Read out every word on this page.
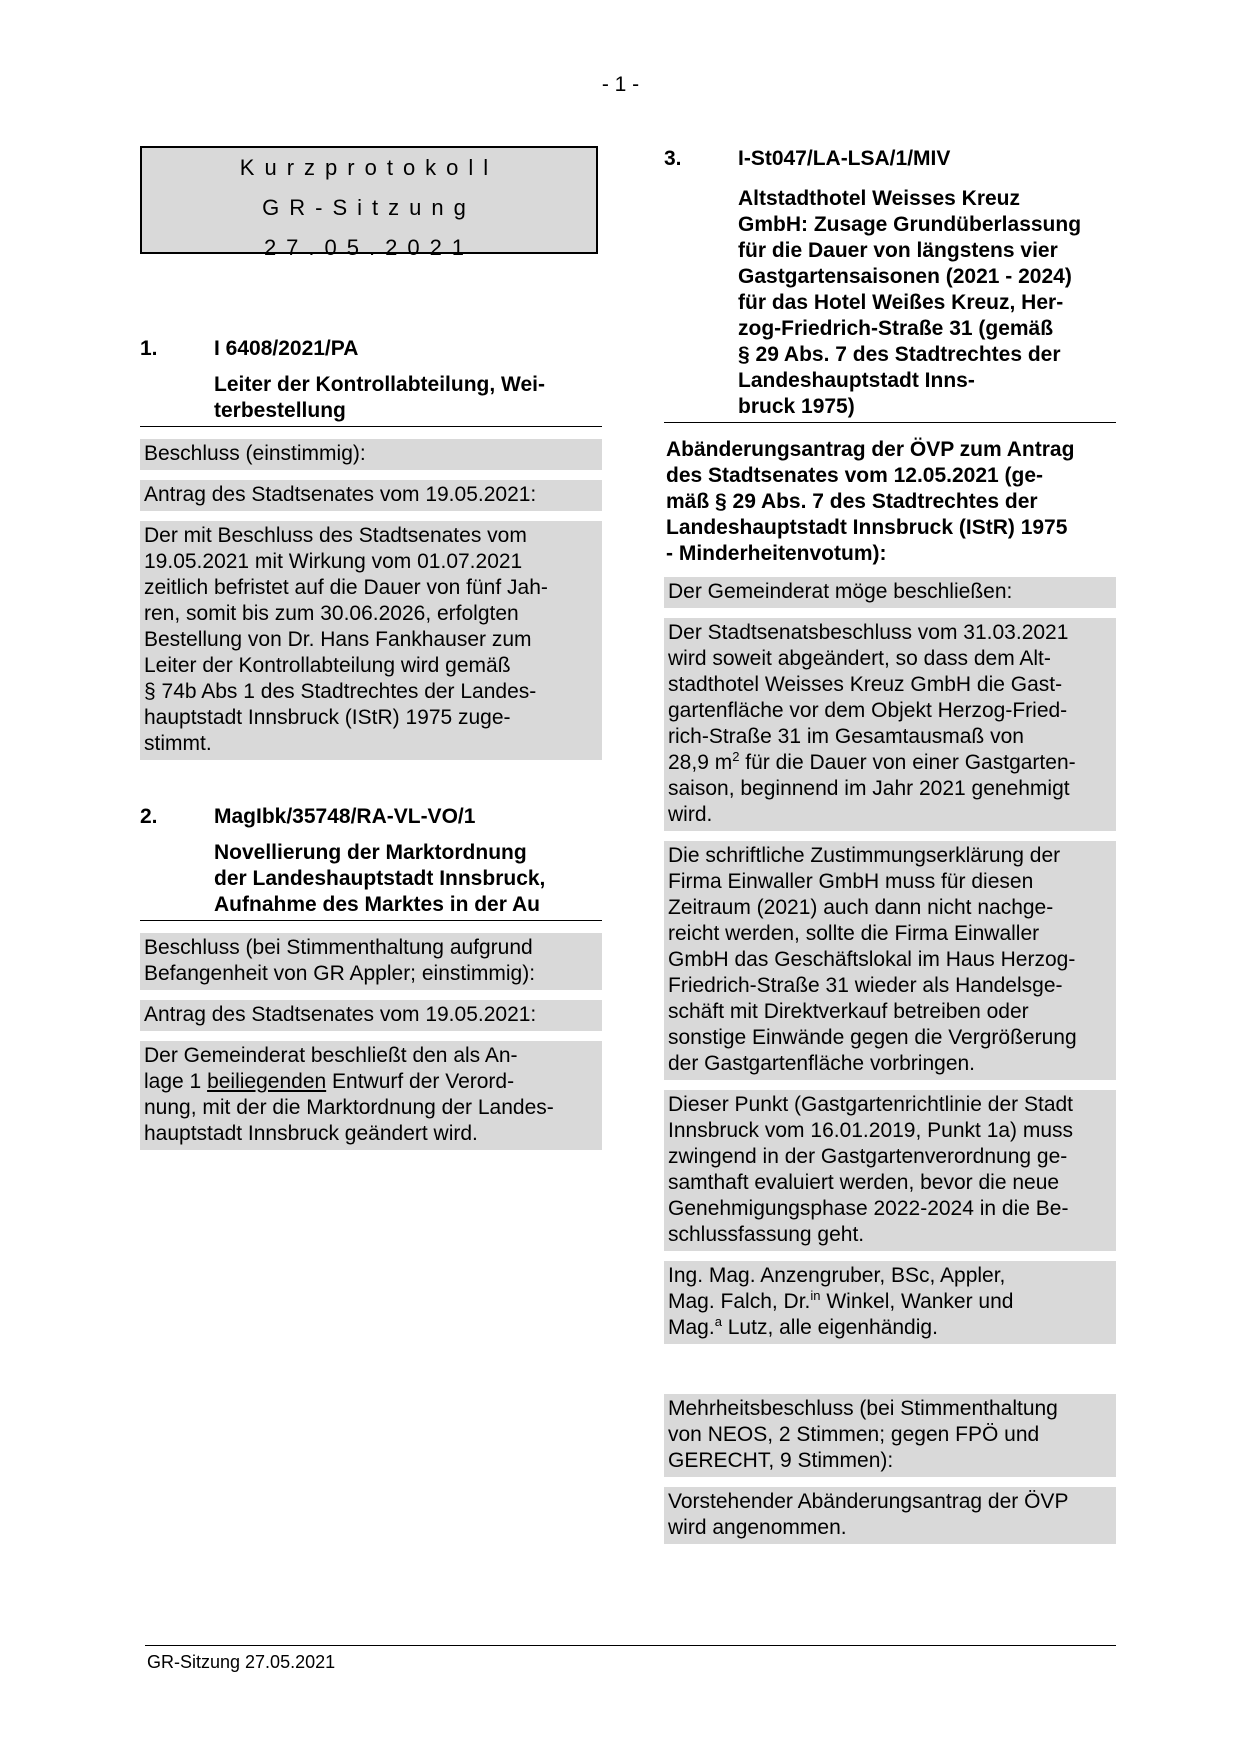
- 1 -
Kurzprotokoll
GR-Sitzung
27.05.2021
1.	I 6408/2021/PA
Leiter der Kontrollabteilung, Wei-
terbestellung

Beschluss (einstimmig):

Antrag des Stadtsenates vom 19.05.2021:

Der mit Beschluss des Stadtsenates vom

19.05.2021 mit Wirkung vom 01.07.2021

zeitlich befristet auf die Dauer von fünf Jah-

ren, somit bis zum 30.06.2026, erfolgten

Bestellung von Dr. Hans Fankhauser zum

Leiter der Kontrollabteilung wird gemäß

§ 74b Abs 1 des Stadtrechtes der Landes-

hauptstadt Innsbruck (IStR) 1975 zuge-

stimmt.

2.	MagIbk/35748/RA-VL-VO/1
Novellierung der Marktordnung
der Landeshauptstadt Innsbruck,
Aufnahme des Marktes in der Au

Beschluss (bei Stimmenthaltung aufgrund

Befangenheit von GR Appler; einstimmig):

Antrag des Stadtsenates vom 19.05.2021:

Der Gemeinderat beschließt den als An-

lage 1 beiliegenden Entwurf der Verord-

nung, mit der die Marktordnung der Landes-

hauptstadt Innsbruck geändert wird.

3.	I-St047/LA-LSA/1/MIV
Altstadthotel Weisses Kreuz
GmbH: Zusage Grundüberlassung
für die Dauer von längstens vier
Gastgartensaisonen (2021 - 2024)
für das Hotel Weißes Kreuz, Her-
zog-Friedrich-Straße 31 (gemäß
§ 29 Abs. 7 des Stadtrechtes der
Landeshauptstadt Inns-
bruck 1975)
Abänderungsantrag der ÖVP zum Antrag
des Stadtsenates vom 12.05.2021 (ge-
mäß § 29 Abs. 7 des Stadtrechtes der
Landeshauptstadt Innsbruck (IStR) 1975
- Minderheitenvotum):

Der Gemeinderat möge beschließen:

Der Stadtsenatsbeschluss vom 31.03.2021

wird soweit abgeändert, so dass dem Alt-

stadthotel Weisses Kreuz GmbH die Gast-

gartenfläche vor dem Objekt Herzog-Fried-

rich-Straße 31 im Gesamtausmaß von

28,9 $m^2$ für die Dauer von einer Gastgarten-

saison, beginnend im Jahr 2021 genehmigt

wird.

Die schriftliche Zustimmungserklärung der

Firma Einwaller GmbH muss für diesen

Zeitraum (2021) auch dann nicht nachge-

reicht werden, sollte die Firma Einwaller

GmbH das Geschäftslokal im Haus Herzog-

Friedrich-Straße 31 wieder als Handelsge-

schäft mit Direktverkauf betreiben oder

sonstige Einwände gegen die Vergrößerung

der Gastgartenfläche vorbringen.

Dieser Punkt (Gastgartenrichtlinie der Stadt

Innsbruck vom 16.01.2019, Punkt 1a) muss

zwingend in der Gastgartenverordnung ge-

samthaft evaluiert werden, bevor die neue

Genehmigungsphase 2022-2024 in die Be-

schlussfassung geht.

Ing. Mag. Anzengruber, BSc, Appler,

Mag. Falch, Dr.$^{in}$ Winkel, Wanker und

Mag.$^a$ Lutz, alle eigenhändig.

Mehrheitsbeschluss (bei Stimmenthaltung

von NEOS, 2 Stimmen; gegen FPÖ und

GERECHT, 9 Stimmen):

Vorstehender Abänderungsantrag der ÖVP

wird angenommen.

GR-Sitzung 27.05.2021
